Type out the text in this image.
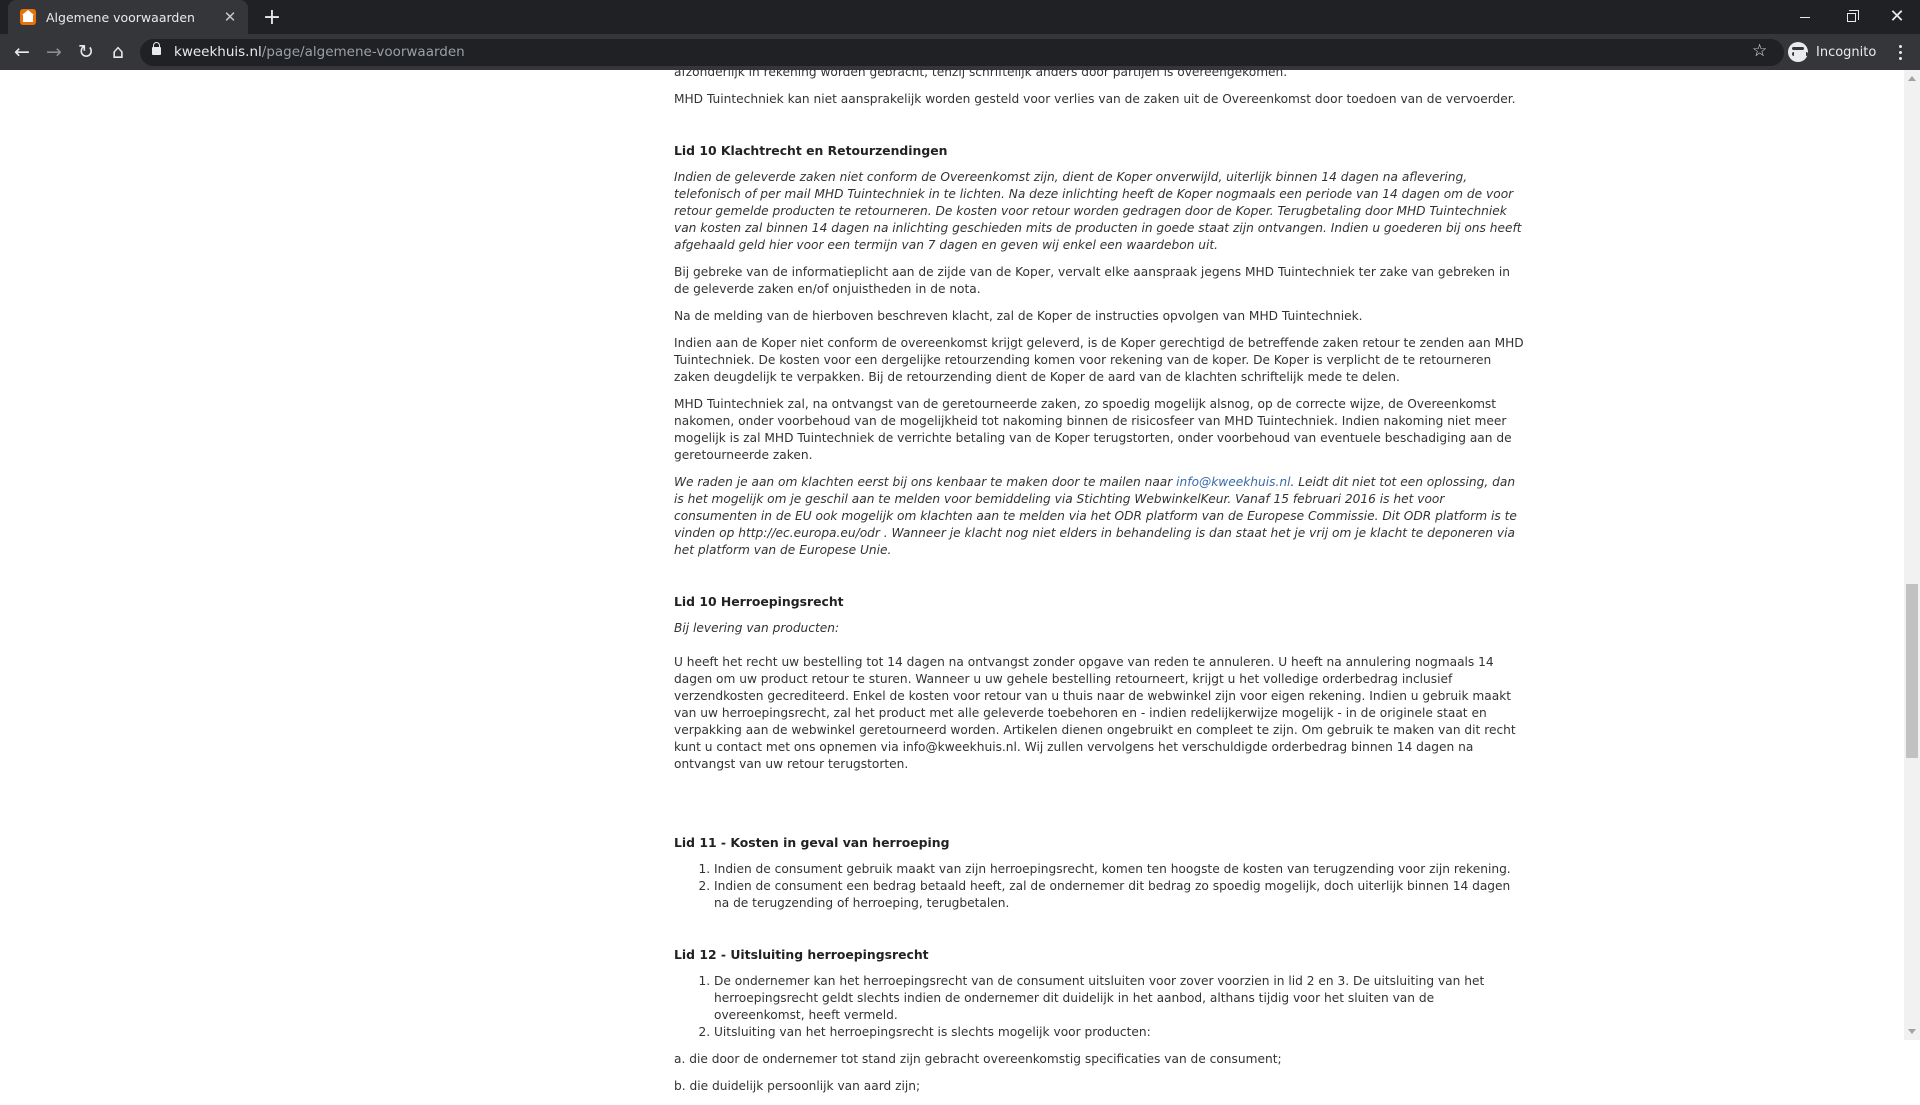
Algemene voorwaarden	✕ +	✕
← → ↻ ⌂	kweekhuis.nl/page/algemene-voorwaarden	☆	Incognito

afzonderlijk in rekening worden gebracht, tenzij schriftelijk anders door partijen is overeengekomen.

MHD Tuintechniek kan niet aansprakelijk worden gesteld voor verlies van de zaken uit de Overeenkomst door toedoen van de vervoerder.

Lid 10 Klachtrecht en Retourzendingen

Indien de geleverde zaken niet conform de Overeenkomst zijn, dient de Koper onverwijld, uiterlijk binnen 14 dagen na aflevering, telefonisch of per mail MHD Tuintechniek in te lichten. Na deze inlichting heeft de Koper nogmaals een periode van 14 dagen om de voor retour gemelde producten te retourneren. De kosten voor retour worden gedragen door de Koper. Terugbetaling door MHD Tuintechniek van kosten zal binnen 14 dagen na inlichting geschieden mits de producten in goede staat zijn ontvangen. Indien u goederen bij ons heeft afgehaald geld hier voor een termijn van 7 dagen en geven wij enkel een waardebon uit.

Bij gebreke van de informatieplicht aan de zijde van de Koper, vervalt elke aanspraak jegens MHD Tuintechniek ter zake van gebreken in de geleverde zaken en/of onjuistheden in de nota.

Na de melding van de hierboven beschreven klacht, zal de Koper de instructies opvolgen van MHD Tuintechniek.

Indien aan de Koper niet conform de overeenkomst krijgt geleverd, is de Koper gerechtigd de betreffende zaken retour te zenden aan MHD Tuintechniek. De kosten voor een dergelijke retourzending komen voor rekening van de koper. De Koper is verplicht de te retourneren zaken deugdelijk te verpakken. Bij de retourzending dient de Koper de aard van de klachten schriftelijk mede te delen.

MHD Tuintechniek zal, na ontvangst van de geretourneerde zaken, zo spoedig mogelijk alsnog, op de correcte wijze, de Overeenkomst nakomen, onder voorbehoud van de mogelijkheid tot nakoming binnen de risicosfeer van MHD Tuintechniek. Indien nakoming niet meer mogelijk is zal MHD Tuintechniek de verrichte betaling van de Koper terugstorten, onder voorbehoud van eventuele beschadiging aan de geretourneerde zaken.

We raden je aan om klachten eerst bij ons kenbaar te maken door te mailen naar info@kweekhuis.nl. Leidt dit niet tot een oplossing, dan is het mogelijk om je geschil aan te melden voor bemiddeling via Stichting WebwinkelKeur. Vanaf 15 februari 2016 is het voor consumenten in de EU ook mogelijk om klachten aan te melden via het ODR platform van de Europese Commissie. Dit ODR platform is te vinden op http://ec.europa.eu/odr . Wanneer je klacht nog niet elders in behandeling is dan staat het je vrij om je klacht te deponeren via het platform van de Europese Unie.

Lid 10 Herroepingsrecht

Bij levering van producten:

U heeft het recht uw bestelling tot 14 dagen na ontvangst zonder opgave van reden te annuleren. U heeft na annulering nogmaals 14 dagen om uw product retour te sturen. Wanneer u uw gehele bestelling retourneert, krijgt u het volledige orderbedrag inclusief verzendkosten gecrediteerd. Enkel de kosten voor retour van u thuis naar de webwinkel zijn voor eigen rekening. Indien u gebruik maakt van uw herroepingsrecht, zal het product met alle geleverde toebehoren en - indien redelijkerwijze mogelijk - in de originele staat en verpakking aan de webwinkel geretourneerd worden. Artikelen dienen ongebruikt en compleet te zijn. Om gebruik te maken van dit recht kunt u contact met ons opnemen via info@kweekhuis.nl. Wij zullen vervolgens het verschuldigde orderbedrag binnen 14 dagen na ontvangst van uw retour terugstorten.

Lid 11 - Kosten in geval van herroeping
1. Indien de consument gebruik maakt van zijn herroepingsrecht, komen ten hoogste de kosten van terugzending voor zijn rekening.
2. Indien de consument een bedrag betaald heeft, zal de ondernemer dit bedrag zo spoedig mogelijk, doch uiterlijk binnen 14 dagen na de terugzending of herroeping, terugbetalen.
Lid 12 - Uitsluiting herroepingsrecht
1. De ondernemer kan het herroepingsrecht van de consument uitsluiten voor zover voorzien in lid 2 en 3. De uitsluiting van het herroepingsrecht geldt slechts indien de ondernemer dit duidelijk in het aanbod, althans tijdig voor het sluiten van de overeenkomst, heeft vermeld.
2. Uitsluiting van het herroepingsrecht is slechts mogelijk voor producten:

a. die door de ondernemer tot stand zijn gebracht overeenkomstig specificaties van de consument;

b. die duidelijk persoonlijk van aard zijn;
